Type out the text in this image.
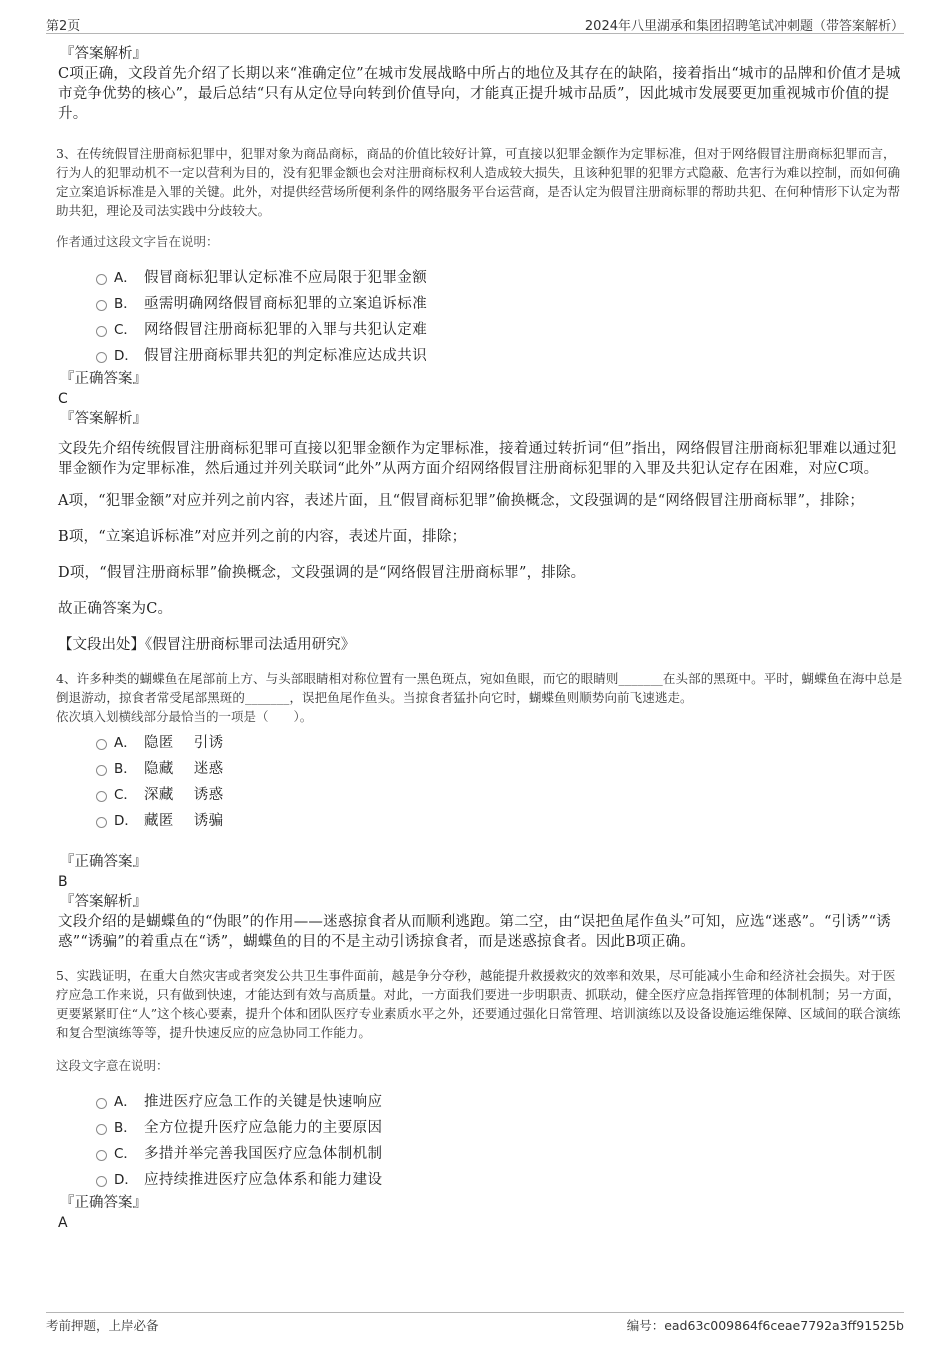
第2页	2024年八里湖承和集团招聘笔试冲刺题（带答案解析）
『答案解析』
C项正确，文段首先介绍了长期以来“准确定位”在城市发展战略中所占的地位及其存在的缺陷，接着指出“城市的品牌和价值才是城市竞争优势的核心”，最后总结“只有从定位导向转到价值导向，才能真正提升城市品质”，因此城市发展要更加重视城市价值的提升。
3、在传统假冒注册商标犯罪中，犯罪对象为商品商标，商品的价值比较好计算，可直接以犯罪金额作为定罪标准，但对于网络假冒注册商标犯罪而言，行为人的犯罪动机不一定以营利为目的，没有犯罪金额也会对注册商标权利人造成较大损失，且该种犯罪的犯罪方式隐蔽、危害行为难以控制，而如何确定立案追诉标准是入罪的关键。此外，对提供经营场所便利条件的网络服务平台运营商，是否认定为假冒注册商标罪的帮助共犯、在何种情形下认定为帮助共犯，理论及司法实践中分歧较大。
作者通过这段文字旨在说明：
A． 假冒商标犯罪认定标准不应局限于犯罪金额
B． 亟需明确网络假冒商标犯罪的立案追诉标准
C． 网络假冒注册商标犯罪的入罪与共犯认定难
D． 假冒注册商标罪共犯的判定标准应达成共识
『正确答案』
C
『答案解析』
文段先介绍传统假冒注册商标犯罪可直接以犯罪金额作为定罪标准，接着通过转折词“但”指出，网络假冒注册商标犯罪难以通过犯罪金额作为定罪标准，然后通过并列关联词“此外”从两方面介绍网络假冒注册商标犯罪的入罪及共犯认定存在困难，对应C项。
A项，“犯罪金额”对应并列之前内容，表述片面，且“假冒商标犯罪”偷换概念，文段强调的是“网络假冒注册商标罪”，排除；
B项，“立案追诉标准”对应并列之前的内容，表述片面，排除；
D项，“假冒注册商标罪”偷换概念，文段强调的是“网络假冒注册商标罪”，排除。
故正确答案为C。
【文段出处】《假冒注册商标罪司法适用研究》
4、许多种类的蝴蝶鱼在尾部前上方、与头部眼睛相对称位置有一黑色斑点，宛如鱼眼，而它的眼睛则_______在头部的黑斑中。平时，蝴蝶鱼在海中总是倒退游动，掠食者常受尾部黑斑的_______，误把鱼尾作鱼头。当掠食者猛扑向它时，蝴蝶鱼则顺势向前飞速逃走。
依次填入划横线部分最恰当的一项是（　　）。
A． 隐匿　 引诱
B． 隐藏　 迷惑
C． 深藏　 诱惑
D． 藏匿　 诱骗
『正确答案』
B
『答案解析』
文段介绍的是蝴蝶鱼的“伪眼”的作用——迷惑掠食者从而顺利逃跑。第二空，由“误把鱼尾作鱼头”可知，应选“迷惑”。“引诱”“诱惑”“诱骗”的着重点在“诱”，蝴蝶鱼的目的不是主动引诱掠食者，而是迷惑掠食者。因此B项正确。
5、实践证明，在重大自然灾害或者突发公共卫生事件面前，越是争分夺秒，越能提升救援救灾的效率和效果，尽可能减小生命和经济社会损失。对于医疗应急工作来说，只有做到快速，才能达到有效与高质量。对此，一方面我们要进一步明职责、抓联动，健全医疗应急指挥管理的体制机制；另一方面，更要紧紧盯住“人”这个核心要素，提升个体和团队医疗专业素质水平之外，还要通过强化日常管理、培训演练以及设备设施运维保障、区域间的联合演练和复合型演练等等，提升快速反应的应急协同工作能力。
这段文字意在说明：
A． 推进医疗应急工作的关键是快速响应
B． 全方位提升医疗应急能力的主要原因
C． 多措并举完善我国医疗应急体制机制
D． 应持续推进医疗应急体系和能力建设
『正确答案』
A
考前押题，上岸必备	编号：ead63c009864f6ceae7792a3ff91525b
